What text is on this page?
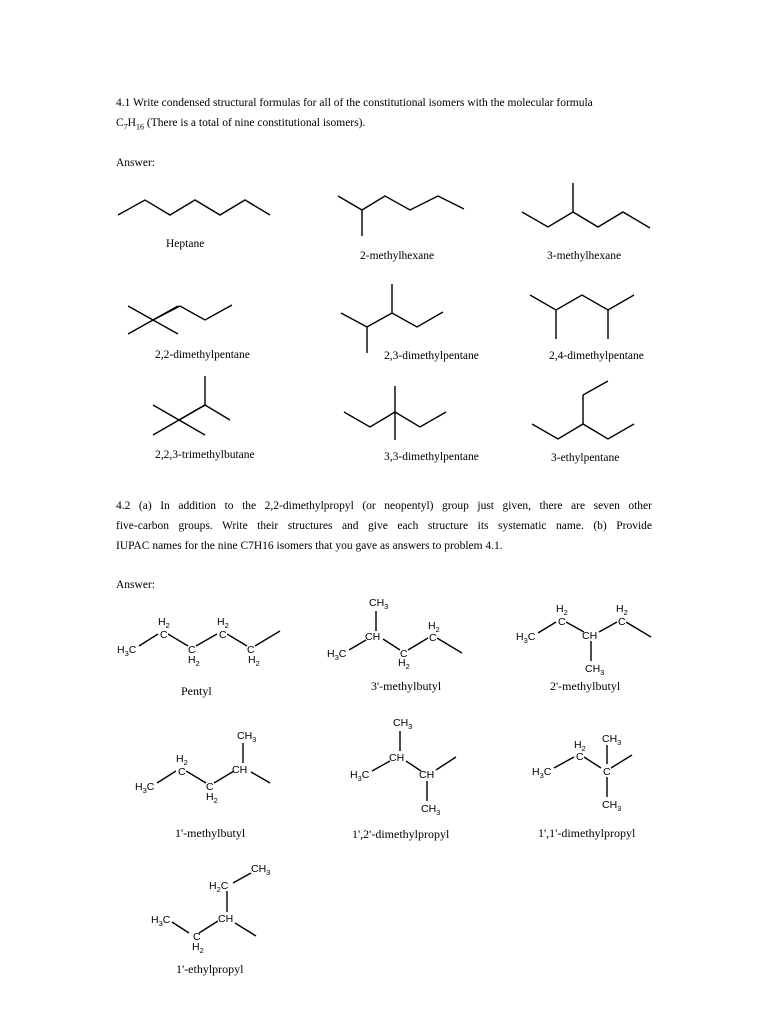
4.1 Write condensed structural formulas for all of the constitutional isomers with the molecular formula
$C_7H_{16}$ (There is a total of nine constitutional isomers).
Answer:
Heptane
2-methylhexane	3-methylhexane
2,2-dimethylpentane	2,3-dimethylpentane	2,4-dimethylpentane
2,2,3-trimethylbutane	3,3-dimethylpentane	3-ethylpentane
4.2 (a) In addition to the 2,2-dimethylpropyl (or neopentyl) group just given, there are seven other
five-carbon groups. Write their structures and give each structure its systematic name. (b) Provide
IUPAC names for the nine C7H16 isomers that you gave as answers to problem 4.1.
Answer:
$H_3C$
$H_2$
C
C
$H_2$
$H_2$
C
C
$H_2$
$CH_3$
CH
$H_3C$	C
$H_2$
$H_2$
C	$H_3C$
$H_2$
C
CH
$H_2$
C
$CH_3$
$H_3C$
$H_2$
C
C
$H_2$
CH
$CH_3$
$CH_3$
CH
$H_3C$	CH
$CH_3$
$H_3C$
$H_2$
C
C
$CH_3$
$CH_3$
$CH_3$
$H_2C$
CH
C
$H_2$
$H_3C$
Pentyl	3'-methylbutyl	2'-methylbutyl
1'-methylbutyl	1',2'-dimethylpropyl	1',1'-dimethylpropyl
1'-ethylpropyl
